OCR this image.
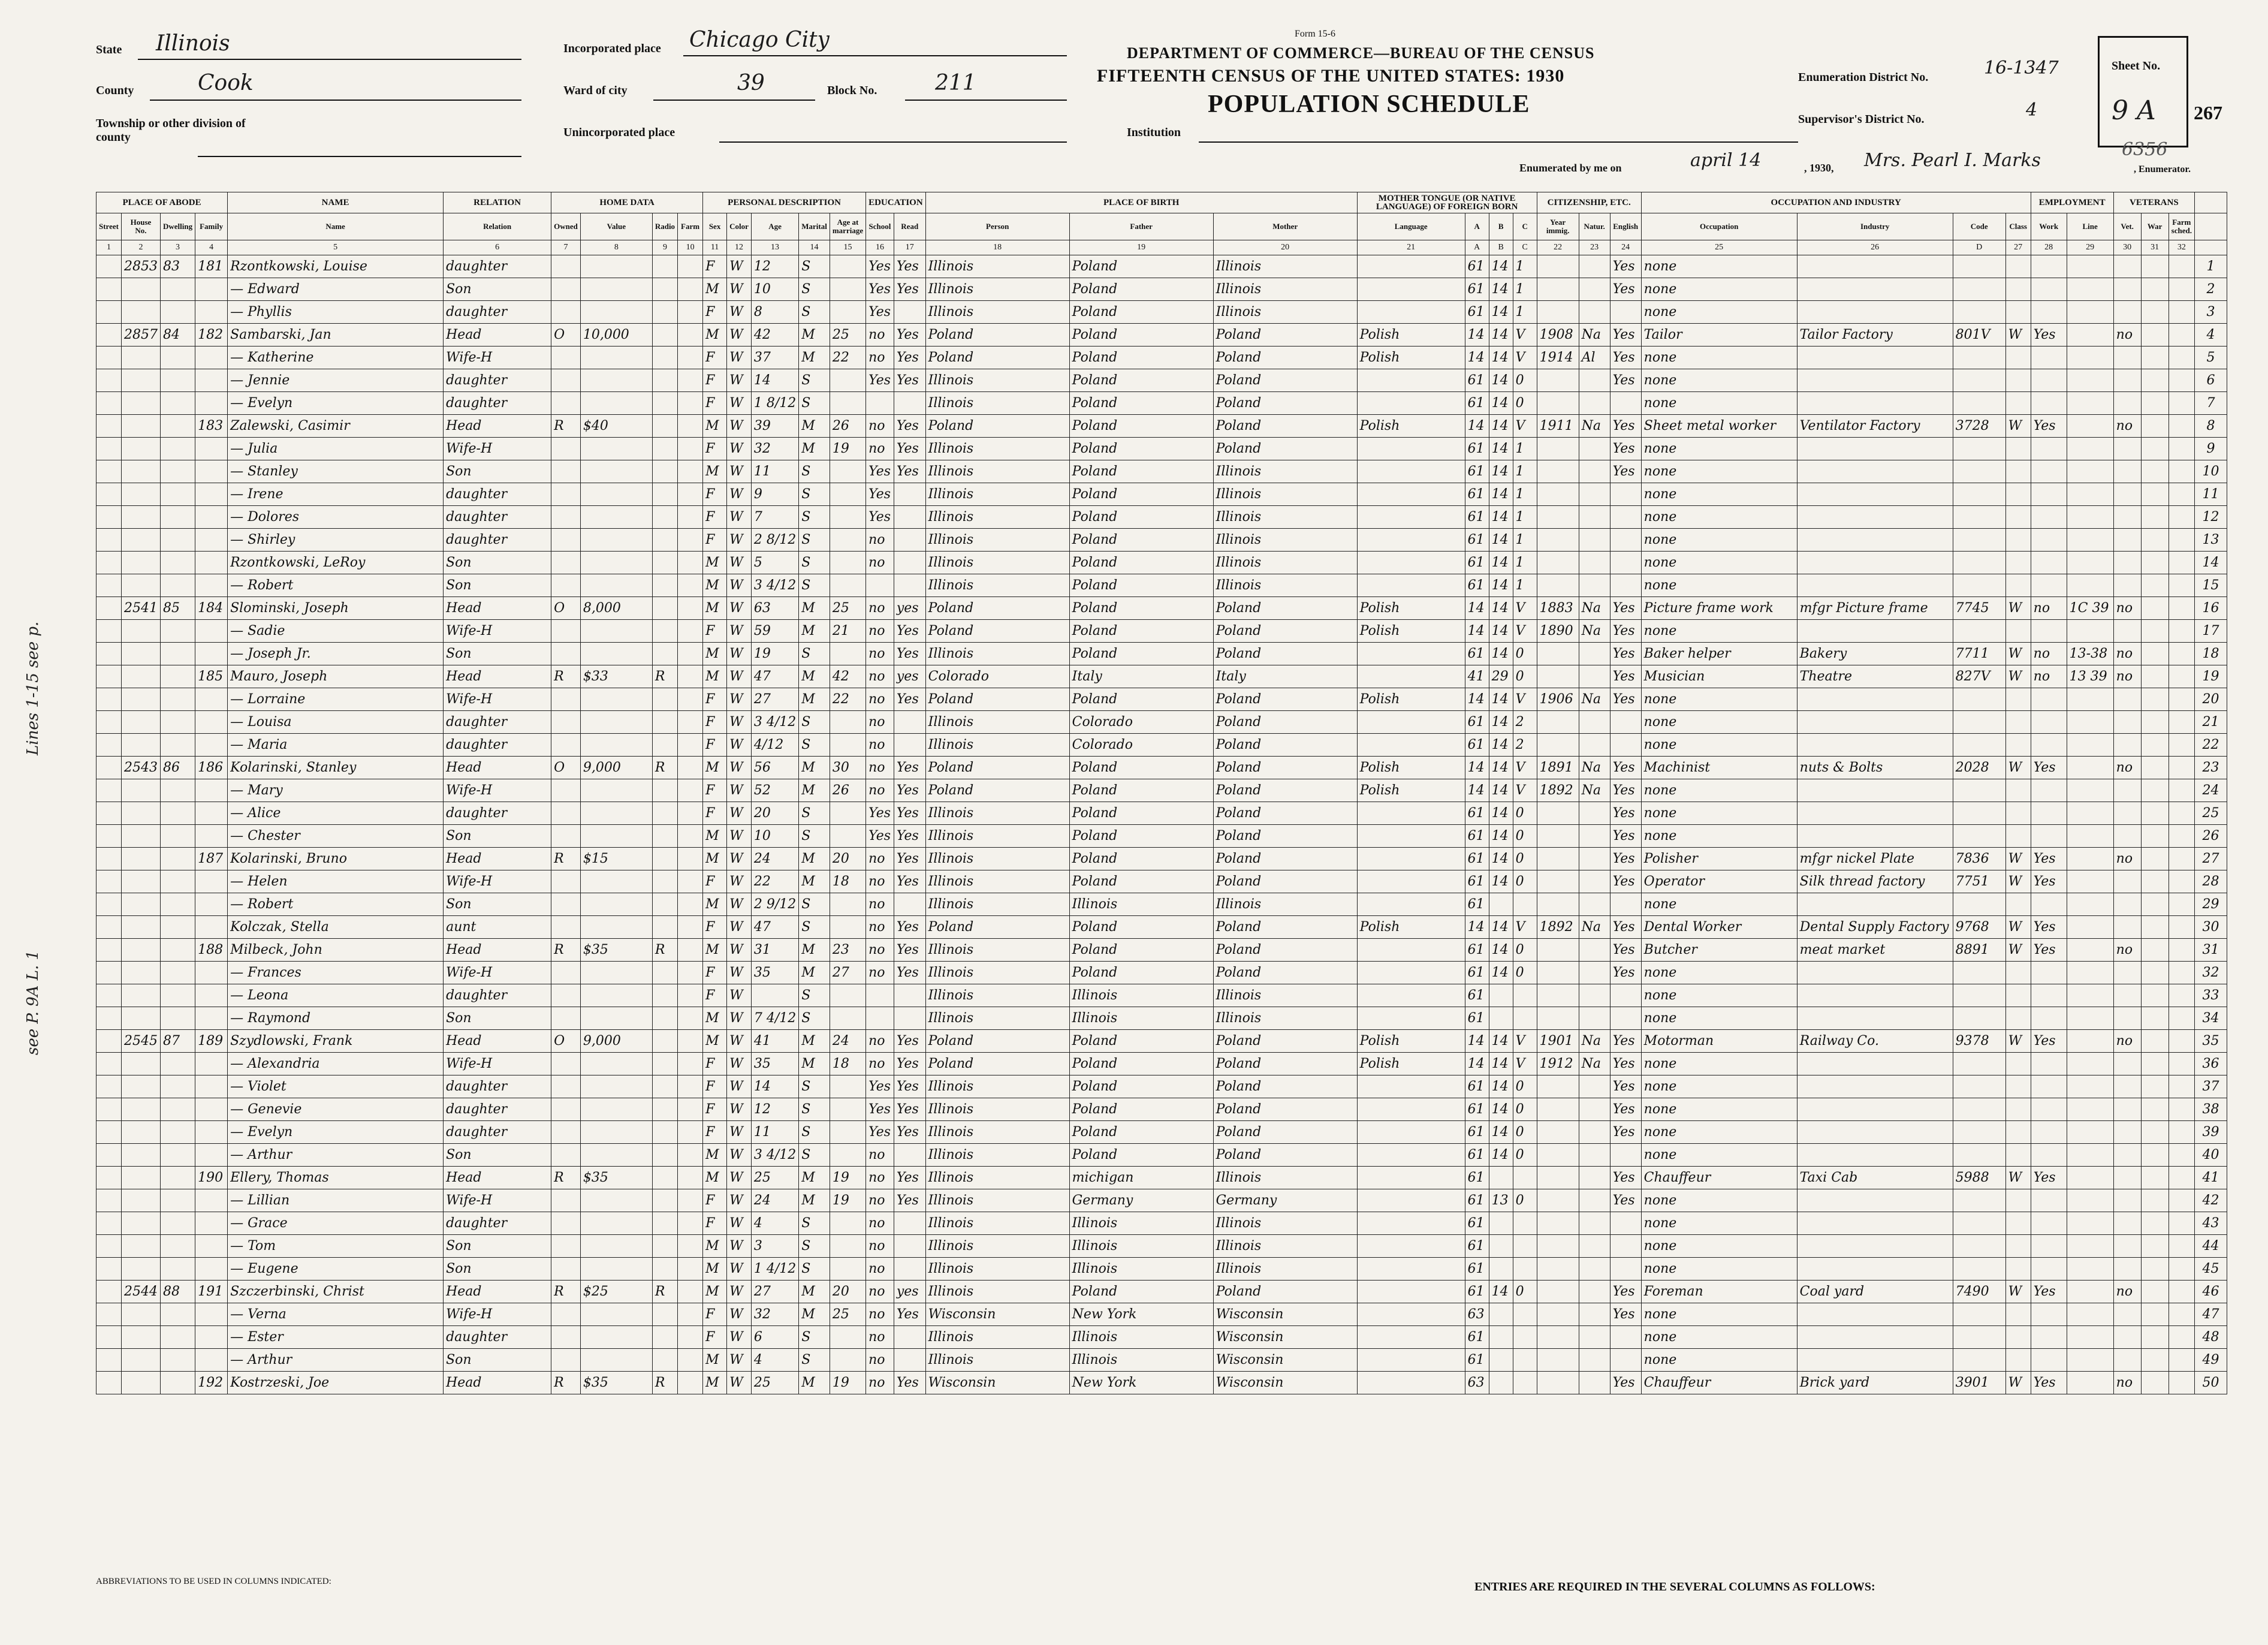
Form 15-6
DEPARTMENT OF COMMERCE—BUREAU OF THE CENSUS
FIFTEENTH CENSUS OF THE UNITED STATES: 1930
POPULATION SCHEDULE
State Illinois
County	Cook
Township or other division of county
Incorporated place Chicago City
Ward of city	39	Block No.	211
Unincorporated place	Institution
Enumeration District No.	16-1347
Supervisor's District No.	4
Sheet No.
9 A 267
6356
Enumerated by me on	april 14	, 1930, Mrs. Pearl I. Marks	, Enumerator.
Lines 1-15 see p.
see P. 9A L. 1
PLACE OF ABODE				NAME	RELATION	HOME DATA				PERSONAL DESCRIPTION					EDUCATION		PLACE OF BIRTH			MOTHER TONGUE (OR NATIVE LANGUAGE) OF FOREIGN BORN				CITIZENSHIP, ETC.			OCCUPATION AND INDUSTRY				EMPLOYMENT		VETERANS			
Street	House No.	Dwelling	Family	Name	Relation	Owned	Value	Radio	Farm	Sex	Color	Age	Marital	Age at marriage	School	Read	Person	Father	Mother	Language	A	B	C	Year immig.	Natur.	English	Occupation	Industry	Code	Class	Work	Line	Vet.	War	Farm sched.	
1	2	3	4	5	6	7	8	9	10	11	12	13	14	15	16	17	18	19	20	21	A	B	C	22	23	24	25	26	D	27	28	29	30	31	32	
	2853	83	181	Rzontkowski, Louise	daughter					F	W	12	S		Yes	Yes	Illinois	Poland	Illinois		61	14	1			Yes	none									1
				— Edward	Son					M	W	10	S		Yes	Yes	Illinois	Poland	Illinois		61	14	1			Yes	none									2
				— Phyllis	daughter					F	W	8	S		Yes		Illinois	Poland	Illinois		61	14	1				none									3
	2857	84	182	Sambarski, Jan	Head	O	10,000			M	W	42	M	25	no	Yes	Poland	Poland	Poland	Polish	14	14	V	1908	Na	Yes	Tailor	Tailor Factory	801V	W	Yes		no			4
				— Katherine	Wife-H					F	W	37	M	22	no	Yes	Poland	Poland	Poland	Polish	14	14	V	1914	Al	Yes	none									5
				— Jennie	daughter					F	W	14	S		Yes	Yes	Illinois	Poland	Poland		61	14	0			Yes	none									6
				— Evelyn	daughter					F	W	1 8/12	S				Illinois	Poland	Poland		61	14	0				none									7
			183	Zalewski, Casimir	Head	R	$40			M	W	39	M	26	no	Yes	Poland	Poland	Poland	Polish	14	14	V	1911	Na	Yes	Sheet metal worker	Ventilator Factory	3728	W	Yes		no			8
				— Julia	Wife-H					F	W	32	M	19	no	Yes	Illinois	Poland	Poland		61	14	1			Yes	none									9
				— Stanley	Son					M	W	11	S		Yes	Yes	Illinois	Poland	Illinois		61	14	1			Yes	none									10
				— Irene	daughter					F	W	9	S		Yes		Illinois	Poland	Illinois		61	14	1				none									11
				— Dolores	daughter					F	W	7	S		Yes		Illinois	Poland	Illinois		61	14	1				none									12
				— Shirley	daughter					F	W	2 8/12	S		no		Illinois	Poland	Illinois		61	14	1				none									13
				Rzontkowski, LeRoy	Son					M	W	5	S		no		Illinois	Poland	Illinois		61	14	1				none									14
				— Robert	Son					M	W	3 4/12	S				Illinois	Poland	Illinois		61	14	1				none									15
	2541	85	184	Slominski, Joseph	Head	O	8,000			M	W	63	M	25	no	yes	Poland	Poland	Poland	Polish	14	14	V	1883	Na	Yes	Picture frame work	mfgr Picture frame	7745	W	no	1C 39	no			16
				— Sadie	Wife-H					F	W	59	M	21	no	Yes	Poland	Poland	Poland	Polish	14	14	V	1890	Na	Yes	none									17
				— Joseph Jr.	Son					M	W	19	S		no	Yes	Illinois	Poland	Poland		61	14	0			Yes	Baker helper	Bakery	7711	W	no	13-38	no			18
			185	Mauro, Joseph	Head	R	$33	R		M	W	47	M	42	no	yes	Colorado	Italy	Italy		41	29	0			Yes	Musician	Theatre	827V	W	no	13 39	no			19
				— Lorraine	Wife-H					F	W	27	M	22	no	Yes	Poland	Poland	Poland	Polish	14	14	V	1906	Na	Yes	none									20
				— Louisa	daughter					F	W	3 4/12	S		no		Illinois	Colorado	Poland		61	14	2				none									21
				— Maria	daughter					F	W	4/12	S		no		Illinois	Colorado	Poland		61	14	2				none									22
	2543	86	186	Kolarinski, Stanley	Head	O	9,000	R		M	W	56	M	30	no	Yes	Poland	Poland	Poland	Polish	14	14	V	1891	Na	Yes	Machinist	nuts & Bolts	2028	W	Yes		no			23
				— Mary	Wife-H					F	W	52	M	26	no	Yes	Poland	Poland	Poland	Polish	14	14	V	1892	Na	Yes	none									24
				— Alice	daughter					F	W	20	S		Yes	Yes	Illinois	Poland	Poland		61	14	0			Yes	none									25
				— Chester	Son					M	W	10	S		Yes	Yes	Illinois	Poland	Poland		61	14	0			Yes	none									26
			187	Kolarinski, Bruno	Head	R	$15			M	W	24	M	20	no	Yes	Illinois	Poland	Poland		61	14	0			Yes	Polisher	mfgr nickel Plate	7836	W	Yes		no			27
				— Helen	Wife-H					F	W	22	M	18	no	Yes	Illinois	Poland	Poland		61	14	0			Yes	Operator	Silk thread factory	7751	W	Yes					28
				— Robert	Son					M	W	2 9/12	S		no		Illinois	Illinois	Illinois		61						none									29
				Kolczak, Stella	aunt					F	W	47	S		no	Yes	Poland	Poland	Poland	Polish	14	14	V	1892	Na	Yes	Dental Worker	Dental Supply Factory	9768	W	Yes					30
			188	Milbeck, John	Head	R	$35	R		M	W	31	M	23	no	Yes	Illinois	Poland	Poland		61	14	0			Yes	Butcher	meat market	8891	W	Yes		no			31
				— Frances	Wife-H					F	W	35	M	27	no	Yes	Illinois	Poland	Poland		61	14	0			Yes	none									32
				— Leona	daughter					F	W		S				Illinois	Illinois	Illinois		61						none									33
				— Raymond	Son					M	W	7 4/12	S				Illinois	Illinois	Illinois		61						none									34
	2545	87	189	Szydlowski, Frank	Head	O	9,000			M	W	41	M	24	no	Yes	Poland	Poland	Poland	Polish	14	14	V	1901	Na	Yes	Motorman	Railway Co.	9378	W	Yes		no			35
				— Alexandria	Wife-H					F	W	35	M	18	no	Yes	Poland	Poland	Poland	Polish	14	14	V	1912	Na	Yes	none									36
				— Violet	daughter					F	W	14	S		Yes	Yes	Illinois	Poland	Poland		61	14	0			Yes	none									37
				— Genevie	daughter					F	W	12	S		Yes	Yes	Illinois	Poland	Poland		61	14	0			Yes	none									38
				— Evelyn	daughter					F	W	11	S		Yes	Yes	Illinois	Poland	Poland		61	14	0			Yes	none									39
				— Arthur	Son					M	W	3 4/12	S		no		Illinois	Poland	Poland		61	14	0				none									40
			190	Ellery, Thomas	Head	R	$35			M	W	25	M	19	no	Yes	Illinois	michigan	Illinois		61					Yes	Chauffeur	Taxi Cab	5988	W	Yes					41
				— Lillian	Wife-H					F	W	24	M	19	no	Yes	Illinois	Germany	Germany		61	13	0			Yes	none									42
				— Grace	daughter					F	W	4	S		no		Illinois	Illinois	Illinois		61						none									43
				— Tom	Son					M	W	3	S		no		Illinois	Illinois	Illinois		61						none									44
				— Eugene	Son					M	W	1 4/12	S		no		Illinois	Illinois	Illinois		61						none									45
	2544	88	191	Szczerbinski, Christ	Head	R	$25	R		M	W	27	M	20	no	yes	Illinois	Poland	Poland		61	14	0			Yes	Foreman	Coal yard	7490	W	Yes		no			46
				— Verna	Wife-H					F	W	32	M	25	no	Yes	Wisconsin	New York	Wisconsin		63					Yes	none									47
				— Ester	daughter					F	W	6	S		no		Illinois	Illinois	Wisconsin		61						none									48
				— Arthur	Son					M	W	4	S		no		Illinois	Illinois	Wisconsin		61						none									49
			192	Kostrzeski, Joe	Head	R	$35	R		M	W	25	M	19	no	Yes	Wisconsin	New York	Wisconsin		63					Yes	Chauffeur	Brick yard	3901	W	Yes		no			50
ABBREVIATIONS TO BE USED IN COLUMNS INDICATED:	ENTRIES ARE REQUIRED IN THE SEVERAL COLUMNS AS FOLLOWS:
